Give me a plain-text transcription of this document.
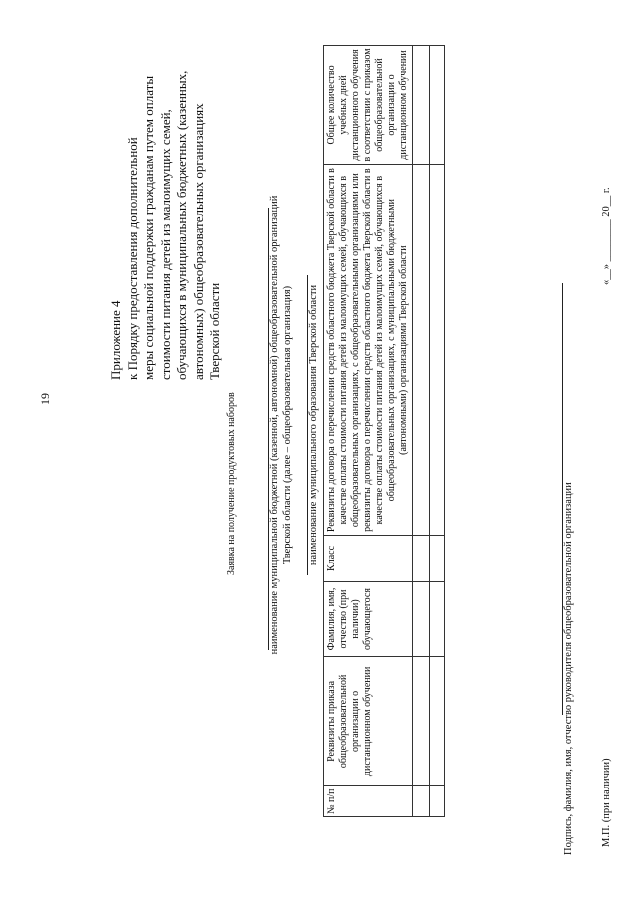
19
Приложение 4 к Порядку предоставления дополнительной меры социальной поддержки гражданам путем оплаты стоимости питания детей из малоимущих семей, обучающихся в муниципальных бюджетных (казенных, автономных) общеобразовательных организациях Тверской области
Заявка на получение продуктовых наборов	наименование муниципальной бюджетной (казенной, автономной) общеобразовательной организаций Тверской области (далее – общеобразовательная организация) наименование муниципального образования Тверской области
№ п/п	Реквизиты приказа общеобразовательной организации о дистанционном обучении	Фамилия, имя, отчество (при наличии) обучающегося	Класс	Реквизиты договора о перечислении средств областного бюджета Тверской области в качестве оплаты стоимости питания детей из малоимущих семей, обучающихся в общеобразовательных организациях, с общеобразовательными организациями или реквизиты договора о перечислении средств областного бюджета Тверской области в качестве оплаты стоимости питания детей из малоимущих семей, обучающихся в общеобразовательных организациях, с муниципальными бюджетными (автономными) организациями Тверской области	Общее количество учебных дней дистанционного обучения в соответствии с приказом общеобразовательной организации о дистанционном обучении

Подпись, фамилия, имя, отчество руководителя общеобразовательной организации	М.П. (при наличии)
«__» ________ 20__ г.
